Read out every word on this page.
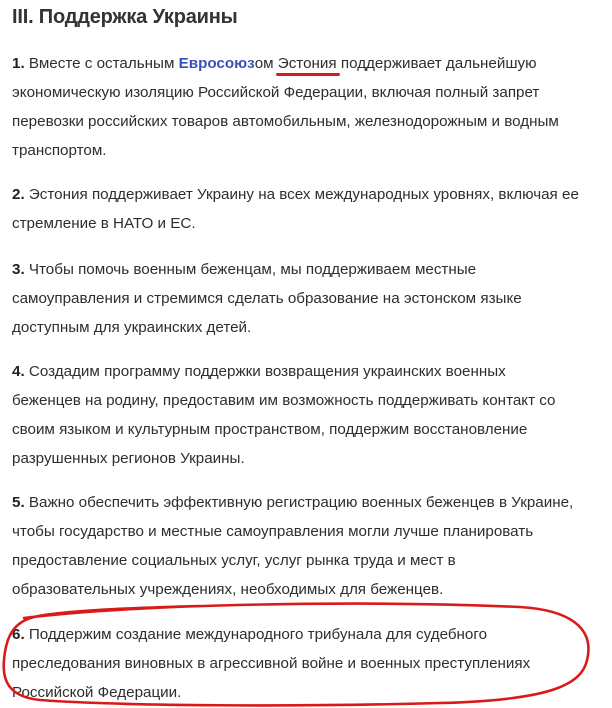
III. Поддержка Украины

1. Вместе с остальным Евросоюзом Эстония
поддерживает дальнейшую
экономическую изоляцию Российской Федерации, включая полный запрет
перевозки российских товаров автомобильным, железнодорожным и водным
транспортом.

2. Эстония поддерживает Украину на всех международных уровнях, включая ее
стремление в НАТО и ЕС.

3. Чтобы помочь военным беженцам, мы поддерживаем местные
самоуправления и стремимся сделать образование на эстонском языке
доступным для украинских детей.

4. Создадим программу поддержки возвращения украинских военных
беженцев на родину, предоставим им возможность поддерживать контакт со
своим языком и культурным пространством, поддержим восстановление
разрушенных регионов Украины.

5. Важно обеспечить эффективную регистрацию военных беженцев в Украине,
чтобы государство и местные самоуправления могли лучше планировать
предоставление социальных услуг, услуг рынка труда и мест в
образовательных учреждениях, необходимых для беженцев.

6. Поддержим создание международного трибунала для судебного
преследования виновных в агрессивной войне и военных преступлениях
Российской Федерации.
